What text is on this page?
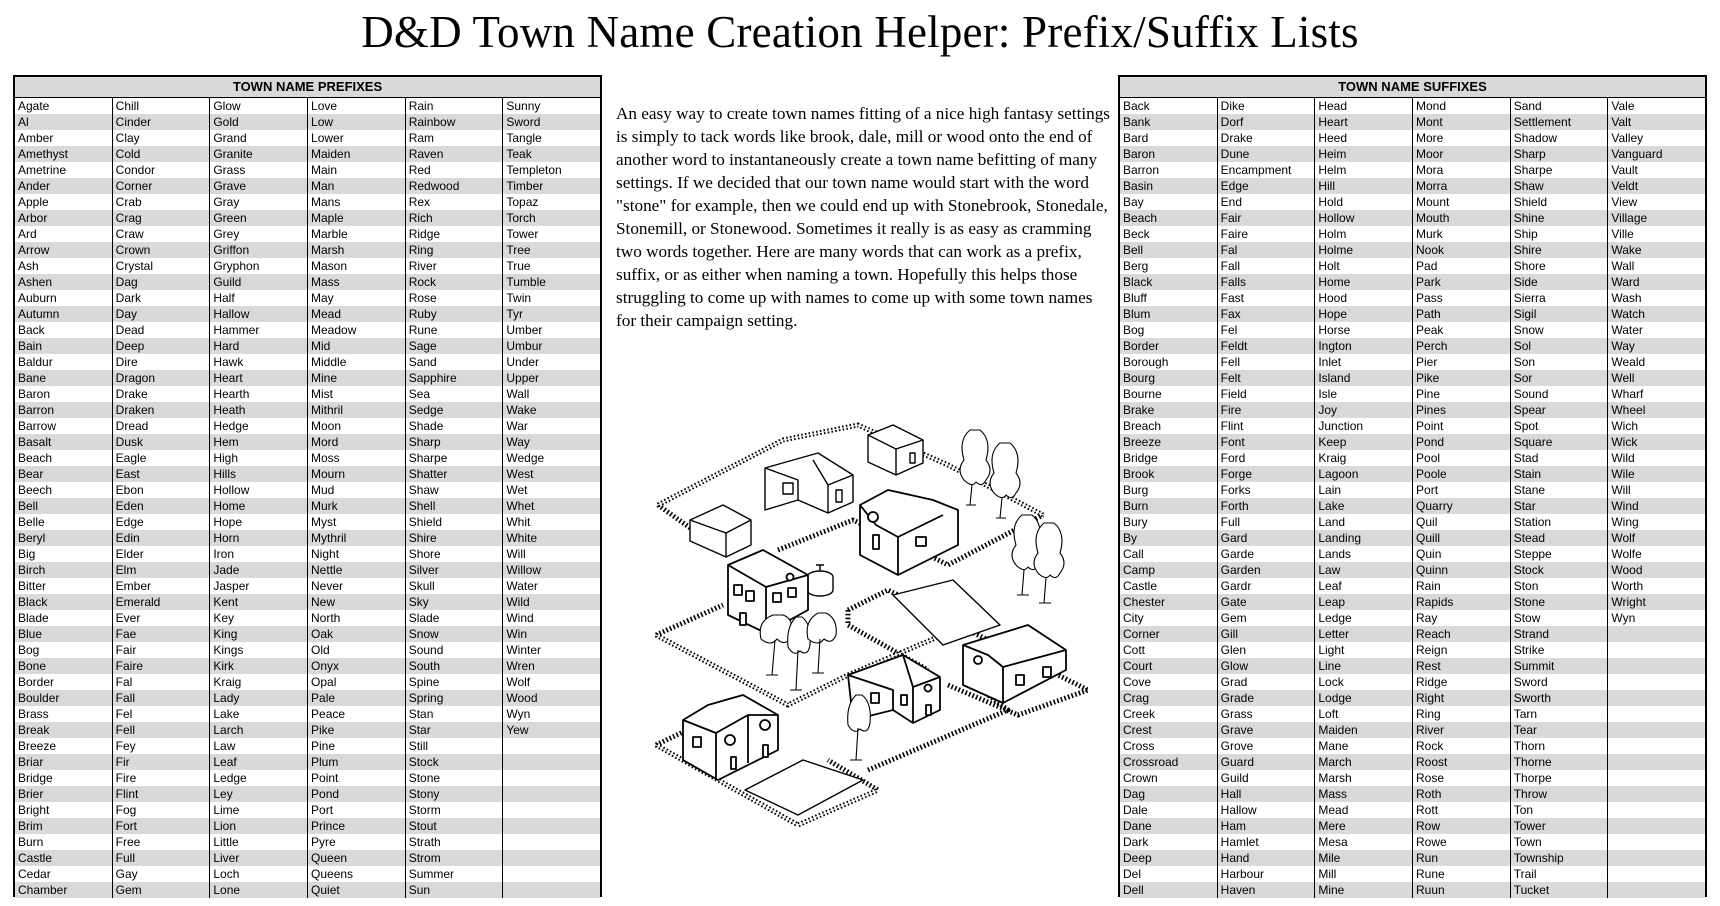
D&D Town Name Creation Helper: Prefix/Suffix Lists
TOWN NAME PREFIXES
Agate
Al
Amber
Amethyst
Ametrine
Ander
Apple
Arbor
Ard
Arrow
Ash
Ashen
Auburn
Autumn
Back
Bain
Baldur
Bane
Baron
Barron
Barrow
Basalt
Beach
Bear
Beech
Bell
Belle
Beryl
Big
Birch
Bitter
Black
Blade
Blue
Bog
Bone
Border
Boulder
Brass
Break
Breeze
Briar
Bridge
Brier
Bright
Brim
Burn
Castle
Cedar
Chamber
Chill
Cinder
Clay
Cold
Condor
Corner
Crab
Crag
Craw
Crown
Crystal
Dag
Dark
Day
Dead
Deep
Dire
Dragon
Drake
Draken
Dread
Dusk
Eagle
East
Ebon
Eden
Edge
Edin
Elder
Elm
Ember
Emerald
Ever
Fae
Fair
Faire
Fal
Fall
Fel
Fell
Fey
Fir
Fire
Flint
Fog
Fort
Free
Full
Gay
Gem
Glow
Gold
Grand
Granite
Grass
Grave
Gray
Green
Grey
Griffon
Gryphon
Guild
Half
Hallow
Hammer
Hard
Hawk
Heart
Hearth
Heath
Hedge
Hem
High
Hills
Hollow
Home
Hope
Horn
Iron
Jade
Jasper
Kent
Key
King
Kings
Kirk
Kraig
Lady
Lake
Larch
Law
Leaf
Ledge
Ley
Lime
Lion
Little
Liver
Loch
Lone
Love
Low
Lower
Maiden
Main
Man
Mans
Maple
Marble
Marsh
Mason
Mass
May
Mead
Meadow
Mid
Middle
Mine
Mist
Mithril
Moon
Mord
Moss
Mourn
Mud
Murk
Myst
Mythril
Night
Nettle
Never
New
North
Oak
Old
Onyx
Opal
Pale
Peace
Pike
Pine
Plum
Point
Pond
Port
Prince
Pyre
Queen
Queens
Quiet
Rain
Rainbow
Ram
Raven
Red
Redwood
Rex
Rich
Ridge
Ring
River
Rock
Rose
Ruby
Rune
Sage
Sand
Sapphire
Sea
Sedge
Shade
Sharp
Sharpe
Shatter
Shaw
Shell
Shield
Shire
Shore
Silver
Skull
Sky
Slade
Snow
Sound
South
Spine
Spring
Stan
Star
Still
Stock
Stone
Stony
Storm
Stout
Strath
Strom
Summer
Sun
Sunny
Sword
Tangle
Teak
Templeton
Timber
Topaz
Torch
Tower
Tree
True
Tumble
Twin
Tyr
Umber
Umbur
Under
Upper
Wall
Wake
War
Way
Wedge
West
Wet
Whet
Whit
White
Will
Willow
Water
Wild
Wind
Win
Winter
Wren
Wolf
Wood
Wyn
Yew
An easy way to create town names fitting of a nice high fantasy settings is simply to tack words like brook, dale, mill or wood onto the end of another word to instantaneously create a town name befitting of many settings. If we decided that our town name would start with the word "stone" for example, then we could end up with Stonebrook, Stonedale, Stonemill, or Stonewood. Sometimes it really is as easy as cramming two words together. Here are many words that can work as a prefix, suffix, or as either when naming a town. Hopefully this helps those struggling to come up with names to come up with some town names for their campaign setting.
TOWN NAME SUFFIXES
Back
Bank
Bard
Baron
Barron
Basin
Bay
Beach
Beck
Bell
Berg
Black
Bluff
Blum
Bog
Border
Borough
Bourg
Bourne
Brake
Breach
Breeze
Bridge
Brook
Burg
Burn
Bury
By
Call
Camp
Castle
Chester
City
Corner
Cott
Court
Cove
Crag
Creek
Crest
Cross
Crossroad
Crown
Dag
Dale
Dane
Dark
Deep
Del
Dell
Dike
Dorf
Drake
Dune
Encampment
Edge
End
Fair
Faire
Fal
Fall
Falls
Fast
Fax
Fel
Feldt
Fell
Felt
Field
Fire
Flint
Font
Ford
Forge
Forks
Forth
Full
Gard
Garde
Garden
Gardr
Gate
Gem
Gill
Glen
Glow
Grad
Grade
Grass
Grave
Grove
Guard
Guild
Hall
Hallow
Ham
Hamlet
Hand
Harbour
Haven
Head
Heart
Heed
Heim
Helm
Hill
Hold
Hollow
Holm
Holme
Holt
Home
Hood
Hope
Horse
Ington
Inlet
Island
Isle
Joy
Junction
Keep
Kraig
Lagoon
Lain
Lake
Land
Landing
Lands
Law
Leaf
Leap
Ledge
Letter
Light
Line
Lock
Lodge
Loft
Maiden
Mane
March
Marsh
Mass
Mead
Mere
Mesa
Mile
Mill
Mine
Mond
Mont
More
Moor
Mora
Morra
Mount
Mouth
Murk
Nook
Pad
Park
Pass
Path
Peak
Perch
Pier
Pike
Pine
Pines
Point
Pond
Pool
Poole
Port
Quarry
Quil
Quill
Quin
Quinn
Rain
Rapids
Ray
Reach
Reign
Rest
Ridge
Right
Ring
River
Rock
Roost
Rose
Roth
Rott
Row
Rowe
Run
Rune
Ruun
Sand
Settlement
Shadow
Sharp
Sharpe
Shaw
Shield
Shine
Ship
Shire
Shore
Side
Sierra
Sigil
Snow
Sol
Son
Sor
Sound
Spear
Spot
Square
Stad
Stain
Stane
Star
Station
Stead
Steppe
Stock
Ston
Stone
Stow
Strand
Strike
Summit
Sword
Sworth
Tarn
Tear
Thorn
Thorne
Thorpe
Throw
Ton
Tower
Town
Township
Trail
Tucket
Vale
Valt
Valley
Vanguard
Vault
Veldt
View
Village
Ville
Wake
Wall
Ward
Wash
Watch
Water
Way
Weald
Well
Wharf
Wheel
Wich
Wick
Wild
Wile
Will
Wind
Wing
Wolf
Wolfe
Wood
Worth
Wright
Wyn
